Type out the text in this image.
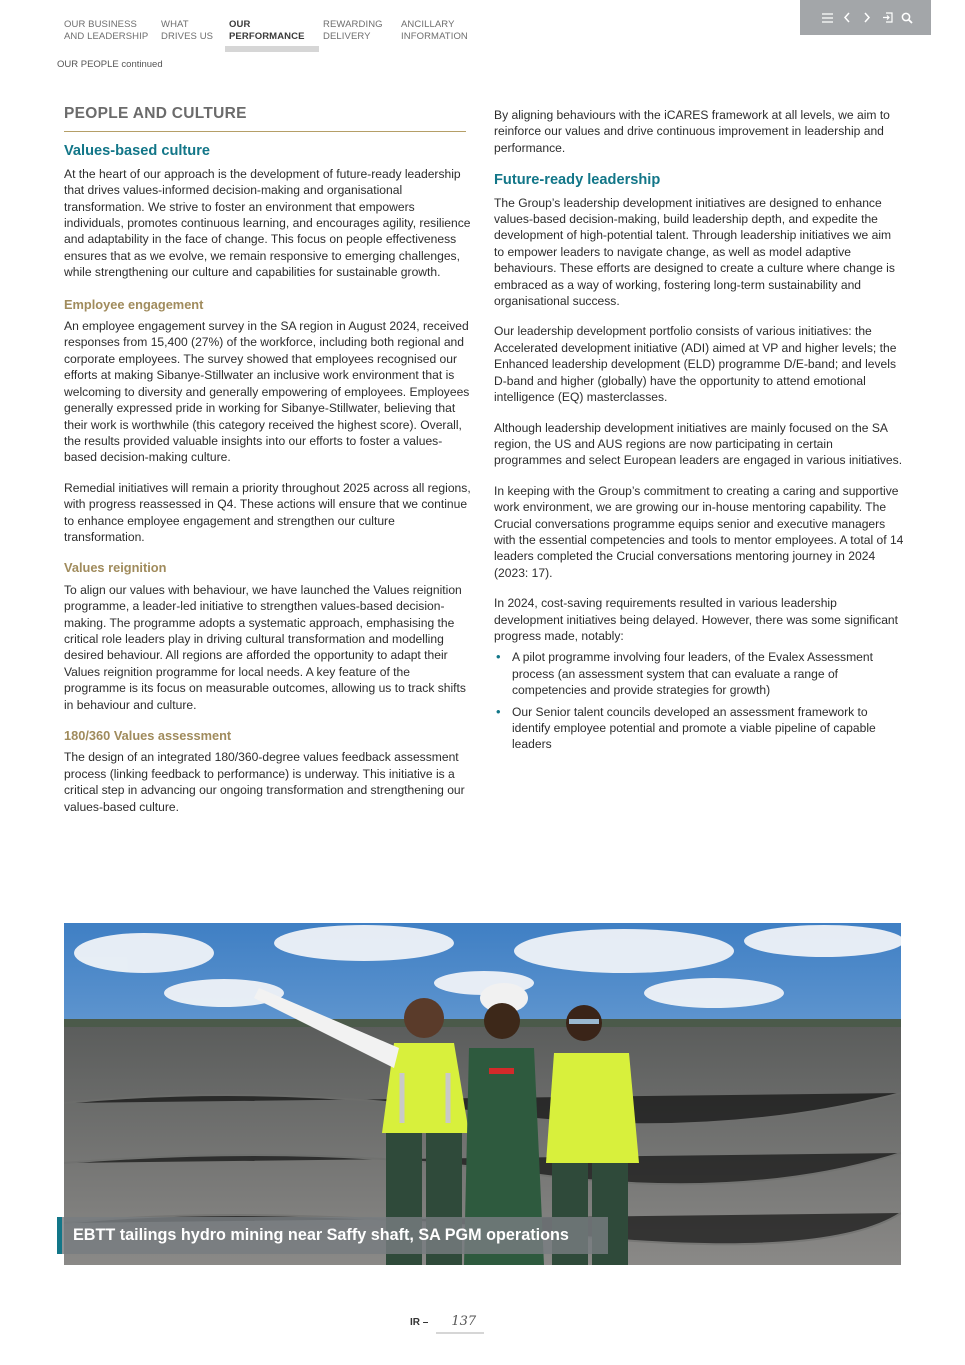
OUR BUSINESS
AND LEADERSHIP
WHAT
DRIVES US
OUR
PERFORMANCE
REWARDING
DELIVERY
ANCILLARY
INFORMATION
OUR PEOPLE continued
PEOPLE AND CULTURE
Values-based culture

At the heart of our approach is the development of future-ready leadership that drives values-informed decision-making and organisational transformation. We strive to foster an environment that empowers individuals, promotes continuous learning, and encourages agility, resilience and adaptability in the face of change. This focus on people effectiveness ensures that as we evolve, we remain responsive to emerging challenges, while strengthening our culture and capabilities for sustainable growth.

Employee engagement

An employee engagement survey in the SA region in August 2024, received responses from 15,400 (27%) of the workforce, including both regional and corporate employees. The survey showed that employees recognised our efforts at making Sibanye-Stillwater an inclusive work environment that is welcoming to diversity and generally empowering of employees. Employees generally expressed pride in working for Sibanye-Stillwater, believing that their work is worthwhile (this category received the highest score). Overall, the results provided valuable insights into our efforts to foster a values-based decision-making culture.

Remedial initiatives will remain a priority throughout 2025 across all regions, with progress reassessed in Q4. These actions will ensure that we continue to enhance employee engagement and strengthen our culture transformation.

Values reignition

To align our values with behaviour, we have launched the Values reignition programme, a leader-led initiative to strengthen values-based decision-making. The programme adopts a systematic approach, emphasising the critical role leaders play in driving cultural transformation and modelling desired behaviour. All regions are afforded the opportunity to adapt their Values reignition programme for local needs. A key feature of the programme is its focus on measurable outcomes, allowing us to track shifts in behaviour and culture.

180/360 Values assessment

The design of an integrated 180/360-degree values feedback assessment process (linking feedback to performance) is underway. This initiative is a critical step in advancing our ongoing transformation and strengthening our values-based culture.

By aligning behaviours with the iCARES framework at all levels, we aim to reinforce our values and drive continuous improvement in leadership and performance.

Future-ready leadership

The Group’s leadership development initiatives are designed to enhance values-based decision-making, build leadership depth, and expedite the development of high-potential talent. Through leadership initiatives we aim to empower leaders to navigate change, as well as model adaptive behaviours. These efforts are designed to create a culture where change is embraced as a way of working, fostering long-term sustainability and organisational success.

Our leadership development portfolio consists of various initiatives: the Accelerated development initiative (ADI) aimed at VP and higher levels; the Enhanced leadership development (ELD) programme D/E-band; and levels D-band and higher (globally) have the opportunity to attend emotional intelligence (EQ) masterclasses.

Although leadership development initiatives are mainly focused on the SA region, the US and AUS regions are now participating in certain programmes and select European leaders are engaged in various initiatives.

In keeping with the Group’s commitment to creating a caring and supportive work environment, we are growing our in-house mentoring capability. The Crucial conversations programme equips senior and executive managers with the essential competencies and tools to mentor employees. A total of 14 leaders completed the Crucial conversations mentoring journey in 2024 (2023: 17).

In 2024, cost-saving requirements resulted in various leadership development initiatives being delayed. However, there was some significant progress made, notably:

• A pilot programme involving four leaders, of the Evalex Assessment process (an assessment system that can evaluate a range of competencies and provide strategies for growth)
• Our Senior talent councils developed an assessment framework to identify employee potential and promote a viable pipeline of capable leaders
EBTT tailings hydro mining near Saffy shaft, SA PGM operations
IR –	137
